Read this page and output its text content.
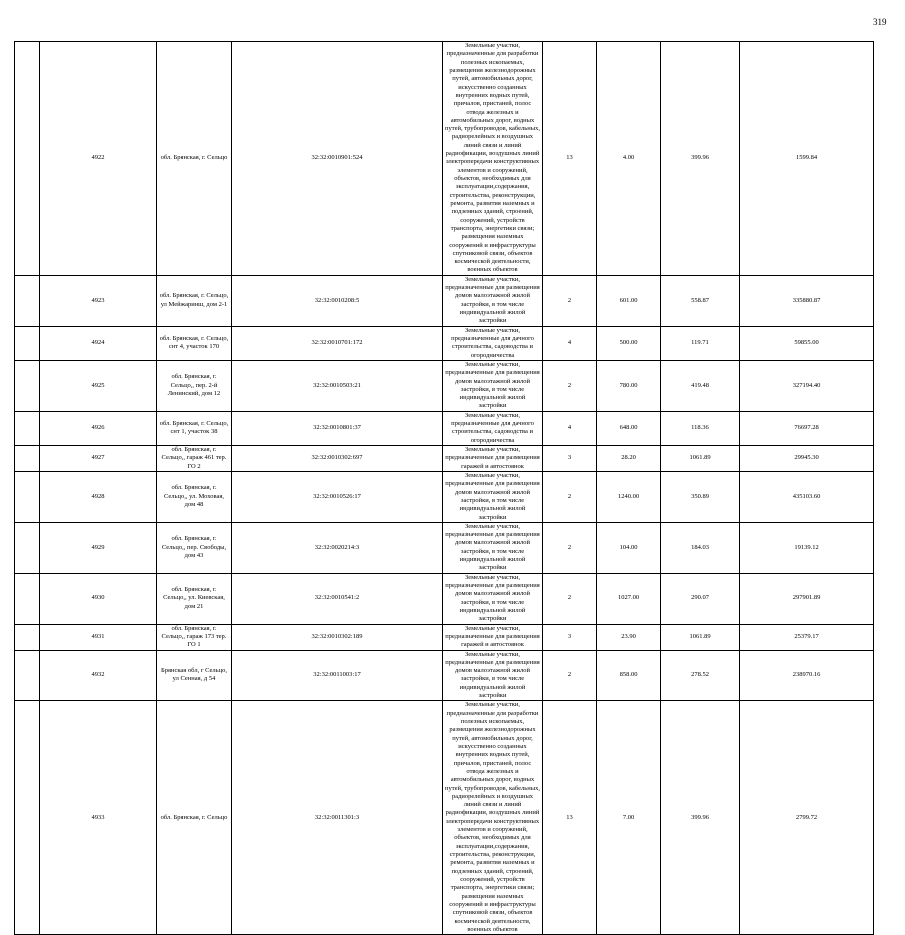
319
	4922	обл. Брянская, г. Сельцо	32:32:0010901:524	Земельные участки, предназначенные для разработки полезных ископаемых, размещения железнодорожных путей, автомобильных дорог, искусственно созданных внутренних водных путей, причалов, пристаней, полос отвода железных и автомобильных дорог, водных путей, трубопроводов, кабельных, радиорелейных и воздушных линий связи и линий радиофикации, воздушных линий электропередачи конструктивных элементов и сооружений, объектов, необходимых для эксплуатации,содержания, строительства, реконструкции, ремонта, развития наземных и подземных зданий, строений, сооружений, устройств транспорта, энергетики связи; размещения наземных сооружений и инфраструктуры спутниковой связи, объектов космической деятельности, военных объектов	13	4.00	399.96	1599.84
	4923	обл. Брянская, г. Сельцо, ул Мейжаринш, дом 2-1	32:32:0010208:5	Земельные участки, предназначенные для размещения домов малоэтажной жилой застройки, в том числе индивидуальной жилой застройки	2	601.00	558.87	335880.87
	4924	обл. Брянская, г. Сельцо, снт 4, участок 170	32:32:0010701:172	Земельные участки, предназначенные для дачного строительства, садоводства и огородничества	4	500.00	119.71	59855.00
	4925	обл. Брянская, г. Сельцо,, пер. 2-й Ленинский, дом 12	32:32:0010503:21	Земельные участки, предназначенные для размещения домов малоэтажной жилой застройки, в том числе индивидуальной жилой застройки	2	780.00	419.48	327194.40
	4926	обл. Брянская, г. Сельцо, снт 1, участок 38	32:32:0010801:37	Земельные участки, предназначенные для дачного строительства, садоводства и огородничества	4	648.00	118.36	76697.28
	4927	обл. Брянская, г. Сельцо,, гараж 461 тер. ГО 2	32:32:0010302:697	Земельные участки, предназначенные для размещения гаражей и автостоянок	3	28.20	1061.89	29945.30
	4928	обл. Брянская, г. Сельцо,, ул. Моховая, дом 48	32:32:0010526:17	Земельные участки, предназначенные для размещения домов малоэтажной жилой застройки, в том числе индивидуальной жилой застройки	2	1240.00	350.89	435103.60
	4929	обл. Брянская, г. Сельцо,, пер. Свободы, дом 43	32:32:0020214:3	Земельные участки, предназначенные для размещения домов малоэтажной жилой застройки, в том числе индивидуальной жилой застройки	2	104.00	184.03	19139.12
	4930	обл. Брянская, г. Сельцо,, ул. Киевская, дом 21	32:32:0010541:2	Земельные участки, предназначенные для размещения домов малоэтажной жилой застройки, в том числе индивидуальной жилой застройки	2	1027.00	290.07	297901.89
	4931	обл. Брянская, г. Сельцо,, гараж 173 тер. ГО 1	32:32:0010302:189	Земельные участки, предназначенные для размещения гаражей и автостоянок	3	23.90	1061.89	25379.17
	4932	Брянская обл, г Сельцо, ул Сенная, д 54	32:32:0011003:17	Земельные участки, предназначенные для размещения домов малоэтажной жилой застройки, в том числе индивидуальной жилой застройки	2	858.00	278.52	238970.16
	4933	обл. Брянская, г. Сельцо	32:32:0011301:3	Земельные участки, предназначенные для разработки полезных ископаемых, размещения железнодорожных путей, автомобильных дорог, искусственно созданных внутренних водных путей, причалов, пристаней, полос отвода железных и автомобильных дорог, водных путей, трубопроводов, кабельных, радиорелейных и воздушных линий связи и линий радиофикации, воздушных линий электропередачи конструктивных элементов и сооружений, объектов, необходимых для эксплуатации,содержания, строительства, реконструкции, ремонта, развития наземных и подземных зданий, строений, сооружений, устройств транспорта, энергетики связи; размещения наземных сооружений и инфраструктуры спутниковой связи, объектов космической деятельности, военных объектов	13	7.00	399.96	2799.72
